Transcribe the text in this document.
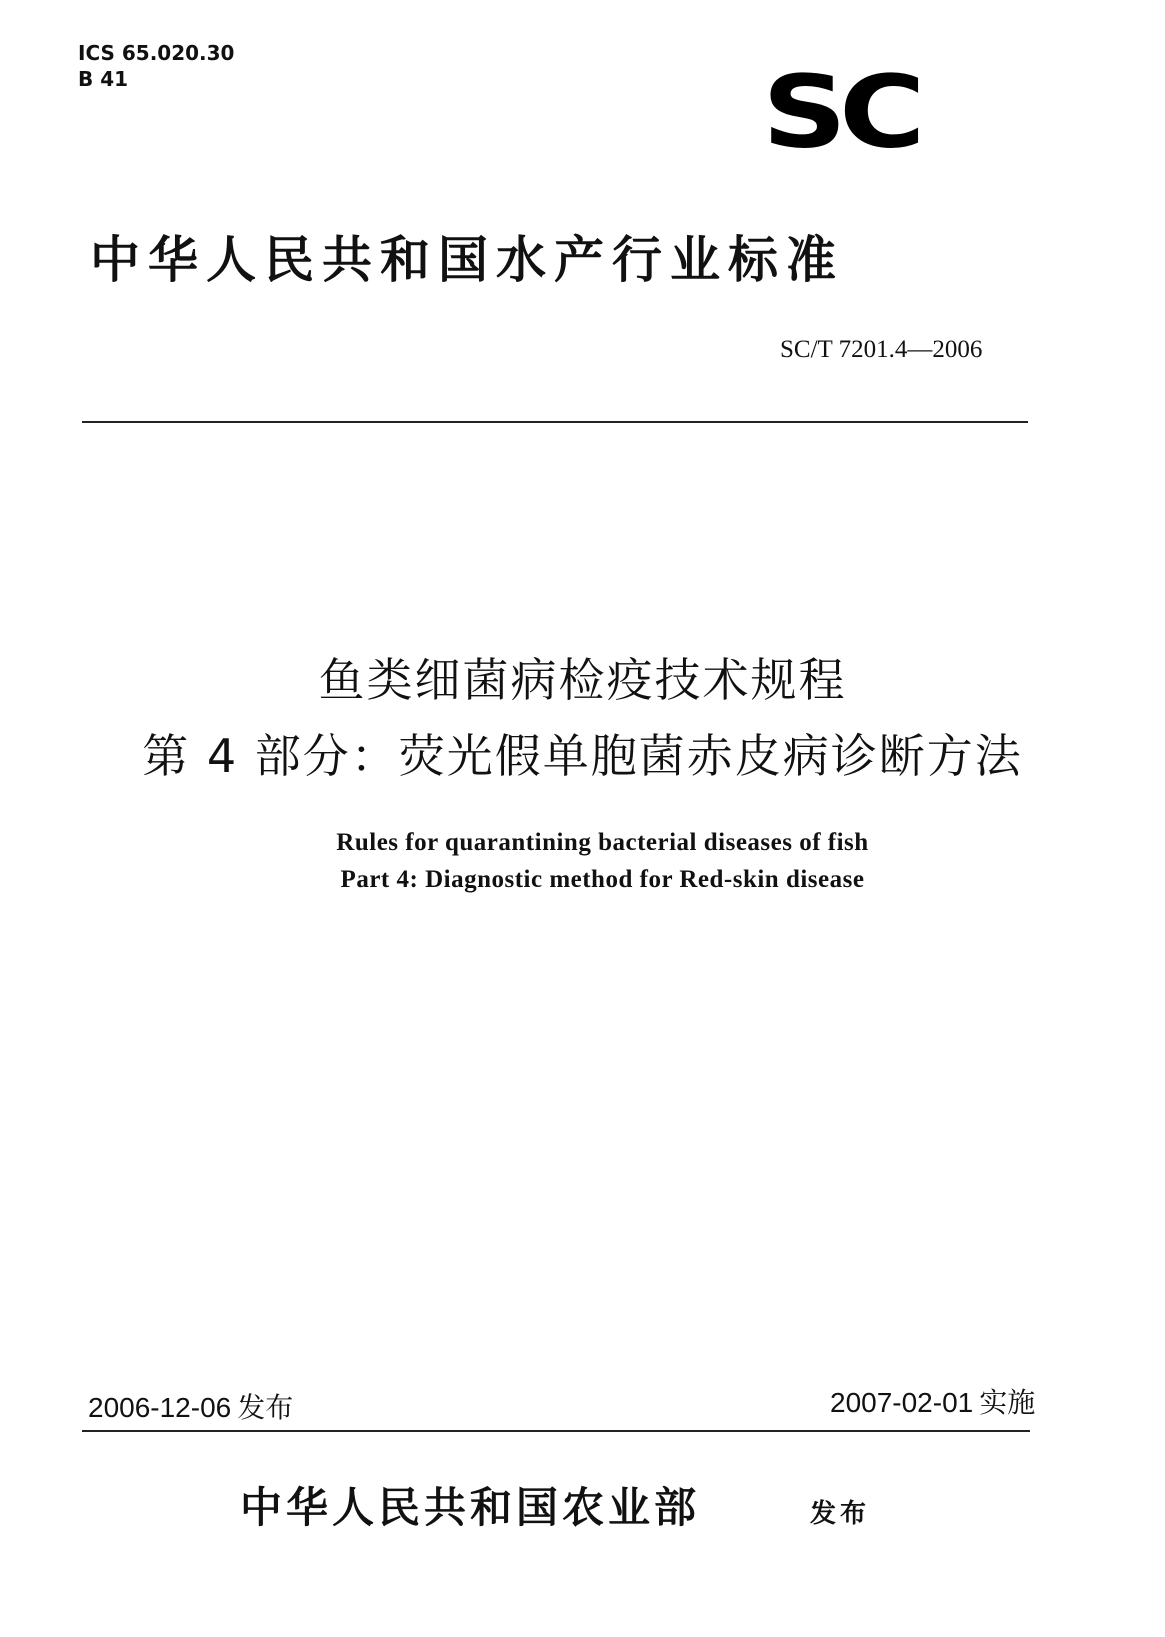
ICS 65.020.30
B 41	SC
中华人民共和国水产行业标准
SC/T 7201.4—2006
鱼类细菌病检疫技术规程
第 4 部分：荧光假单胞菌赤皮病诊断方法
Rules for quarantining bacterial diseases of fish
Part 4: Diagnostic method for Red-skin disease
2006-12-06 发布	2007-02-01 实施
中华人民共和国农业部	发布
